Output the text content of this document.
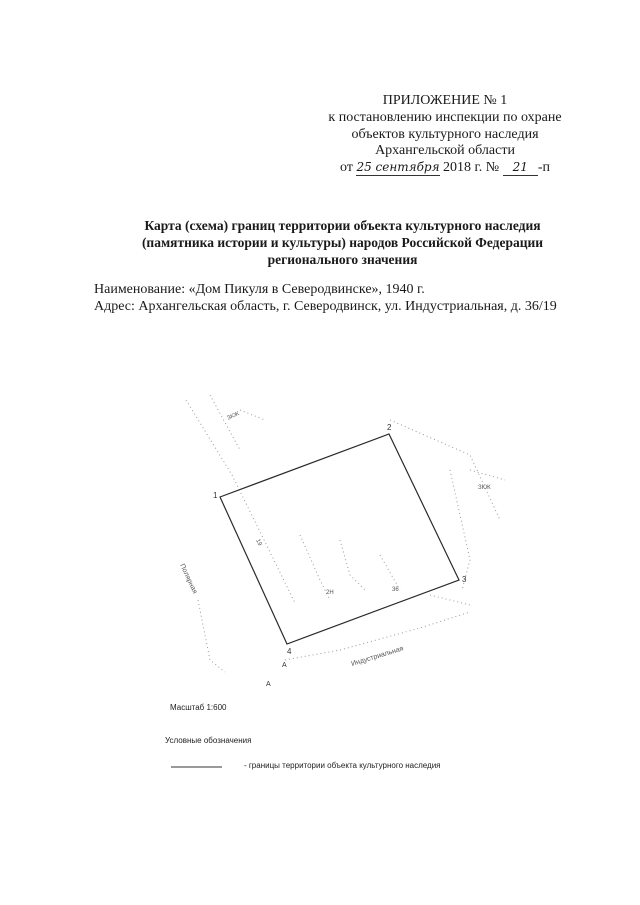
ПРИЛОЖЕНИЕ № 1
к постановлению инспекции по охране
объектов культурного наследия
Архангельской области
от 25 сентября 2018 г. № 21 -п
Карта (схема) границ территории объекта культурного наследия
(памятника истории и культуры) народов Российской Федерации
регионального значения
Наименование: «Дом Пикуля в Северодвинске», 1940 г.
Адрес: Архангельская область, г. Северодвинск, ул. Индустриальная, д. 36/19
1
2
3
4
ЗКЖ
ЗКЖ
Полярная
Индустриальная
19
2Н	36
А
А
Масштаб 1:600
Условные обозначения
- границы территории объекта культурного наследия
